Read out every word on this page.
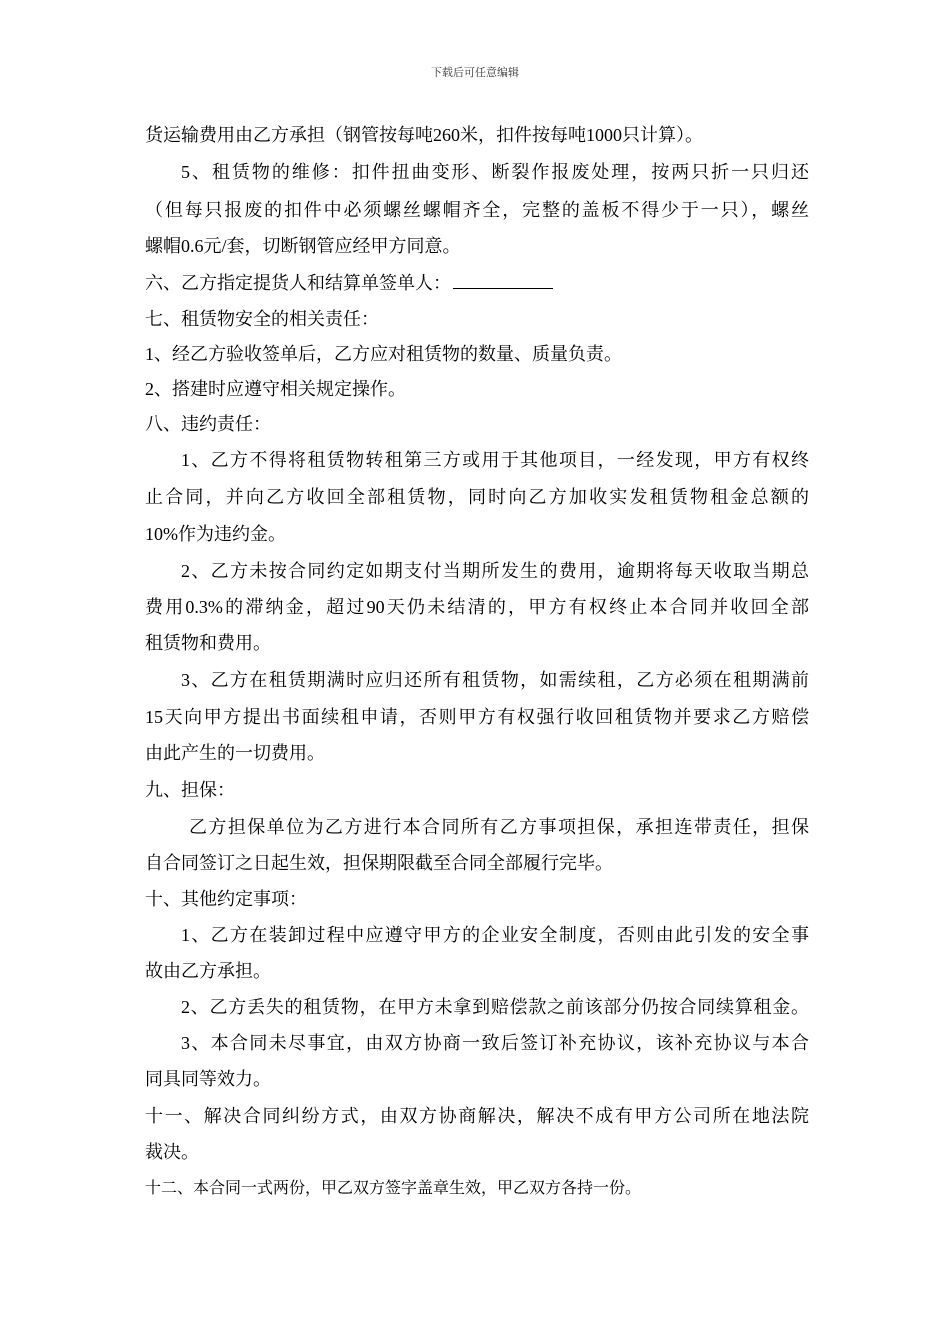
下载后可任意编辑
货运输费用由乙方承担（钢管按每吨260米，扣件按每吨1000只计算）。
5、租赁物的维修：扣件扭曲变形、断裂作报废处理，按两只折一只归还
（但每只报废的扣件中必须螺丝螺帽齐全，完整的盖板不得少于一只），螺丝
螺帽0.6元/套，切断钢管应经甲方同意。
六、乙方指定提货人和结算单签单人：
七、租赁物安全的相关责任：
1、经乙方验收签单后，乙方应对租赁物的数量、质量负责。
2、搭建时应遵守相关规定操作。
八、违约责任：
1、乙方不得将租赁物转租第三方或用于其他项目，一经发现，甲方有权终
止合同，并向乙方收回全部租赁物，同时向乙方加收实发租赁物租金总额的
10%作为违约金。
2、乙方未按合同约定如期支付当期所发生的费用，逾期将每天收取当期总
费用0.3%的滞纳金，超过90天仍未结清的，甲方有权终止本合同并收回全部
租赁物和费用。
3、乙方在租赁期满时应归还所有租赁物，如需续租，乙方必须在租期满前
15天向甲方提出书面续租申请，否则甲方有权强行收回租赁物并要求乙方赔偿
由此产生的一切费用。
九、担保：
乙方担保单位为乙方进行本合同所有乙方事项担保，承担连带责任，担保
自合同签订之日起生效，担保期限截至合同全部履行完毕。
十、其他约定事项：
1、乙方在装卸过程中应遵守甲方的企业安全制度，否则由此引发的安全事
故由乙方承担。
2、乙方丢失的租赁物，在甲方未拿到赔偿款之前该部分仍按合同续算租金。
3、本合同未尽事宜，由双方协商一致后签订补充协议，该补充协议与本合
同具同等效力。
十一、解决合同纠纷方式，由双方协商解决，解决不成有甲方公司所在地法院
裁决。
十二、本合同一式两份，甲乙双方签字盖章生效，甲乙双方各持一份。
